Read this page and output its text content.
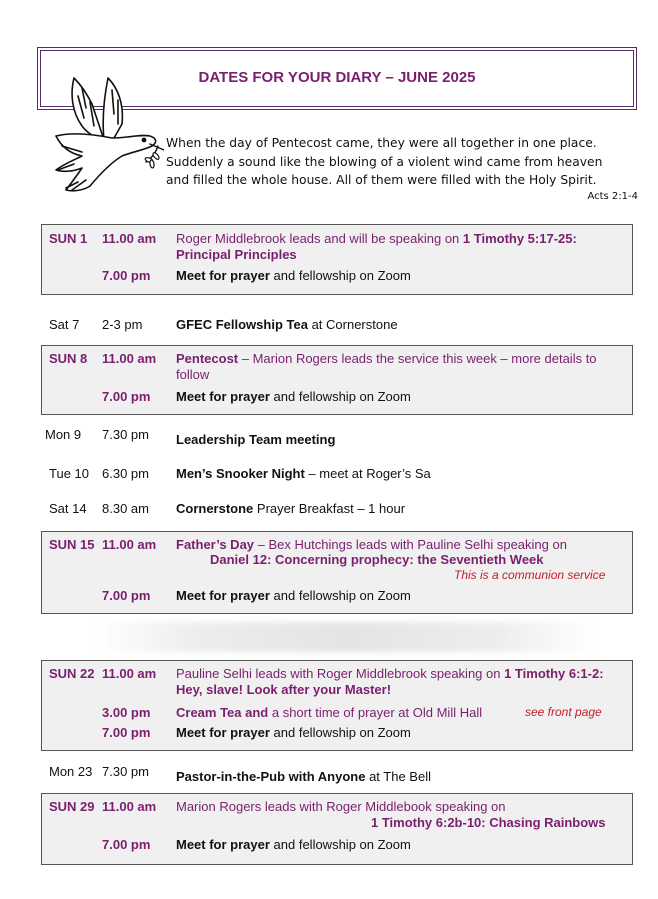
DATES FOR YOUR DIARY – JUNE 2025
When the day of Pentecost came, they were all together in one place.
Suddenly a sound like the blowing of a violent wind came from heaven
and filled the whole house. All of them were filled with the Holy Spirit.
Acts 2:1-4
SUN 1 11.00 am Roger Middlebrook leads and will be speaking on 1 Timothy 5:17-25:
Principal Principles
7.00 pm Meet for prayer and fellowship on Zoom
Sat 7 2-3 pm	GFEC Fellowship Tea at Cornerstone
SUN 8 11.00 am Pentecost – Marion Rogers leads the service this week – more details to
follow
7.00 pm Meet for prayer and fellowship on Zoom
Mon 9 7.30 pm Leadership Team meeting
Tue 10 6.30 pm Men’s Snooker Night – meet at Roger’s Sa
Sat 14 8.30 am Cornerstone Prayer Breakfast – 1 hour
SUN 15 11.00 am Father’s Day – Bex Hutchings leads with Pauline Selhi speaking on
Daniel 12: Concerning prophecy: the Seventieth Week
This is a communion service
7.00 pm Meet for prayer and fellowship on Zoom
SUN 22 11.00 am Pauline Selhi leads with Roger Middlebrook speaking on 1 Timothy 6:1-2:
Hey, slave! Look after your Master!
3.00 pm Cream Tea and a short time of prayer at Old Mill Hall	see front page
7.00 pm Meet for prayer and fellowship on Zoom
Mon 23 7.30 pm Pastor-in-the-Pub with Anyone at The Bell
SUN 29 11.00 am Marion Rogers leads with Roger Middlebook speaking on
1 Timothy 6:2b-10: Chasing Rainbows
7.00 pm Meet for prayer and fellowship on Zoom
